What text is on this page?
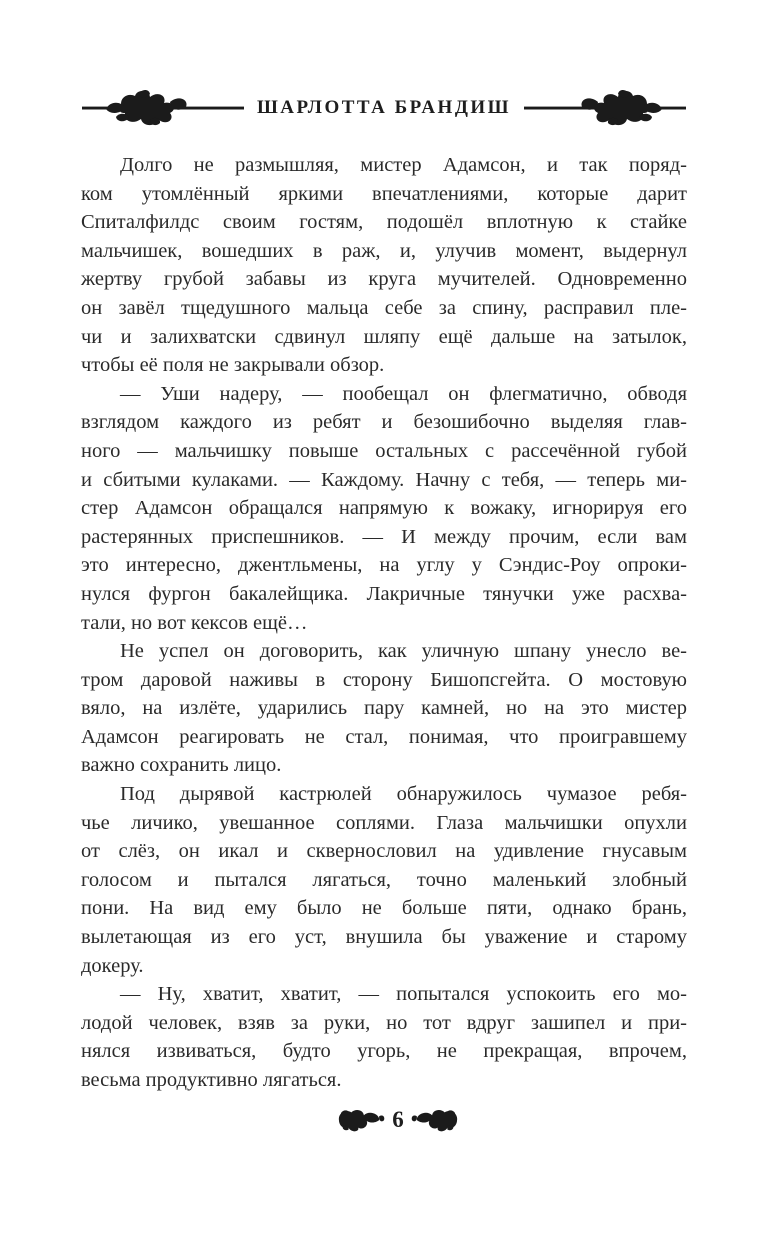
ШАРЛОТТА БРАНДИШ
Долго не размышляя, мистер Адамсон, и так поряд-
ком утомлённый яркими впечатлениями, которые дарит
Спиталфилдс своим гостям, подошёл вплотную к стайке
мальчишек, вошедших в раж, и, улучив момент, выдернул
жертву грубой забавы из круга мучителей. Одновременно
он завёл тщедушного мальца себе за спину, расправил пле-
чи и залихватски сдвинул шляпу ещё дальше на затылок,
чтобы её поля не закрывали обзор.
— Уши надеру, — пообещал он флегматично, обводя
взглядом каждого из ребят и безошибочно выделяя глав-
ного — мальчишку повыше остальных с рассечённой губой
и сбитыми кулаками. — Каждому. Начну с тебя, — теперь ми-
стер Адамсон обращался напрямую к вожаку, игнорируя его
растерянных приспешников. — И между прочим, если вам
это интересно, джентльмены, на углу у Сэндис-Роу опроки-
нулся фургон бакалейщика. Лакричные тянучки уже расхва-
тали, но вот кексов ещё…
Не успел он договорить, как уличную шпану унесло ве-
тром даровой наживы в сторону Бишопсгейта. О мостовую
вяло, на излёте, ударились пару камней, но на это мистер
Адамсон реагировать не стал, понимая, что проигравшему
важно сохранить лицо.
Под дырявой кастрюлей обнаружилось чумазое ребя-
чье личико, увешанное соплями. Глаза мальчишки опухли
от слёз, он икал и сквернословил на удивление гнусавым
голосом и пытался лягаться, точно маленький злобный
пони. На вид ему было не больше пяти, однако брань,
вылетающая из его уст, внушила бы уважение и старому
докеру.
— Ну, хватит, хватит, — попытался успокоить его мо-
лодой человек, взяв за руки, но тот вдруг зашипел и при-
нялся извиваться, будто угорь, не прекращая, впрочем,
весьма продуктивно лягаться.
6
